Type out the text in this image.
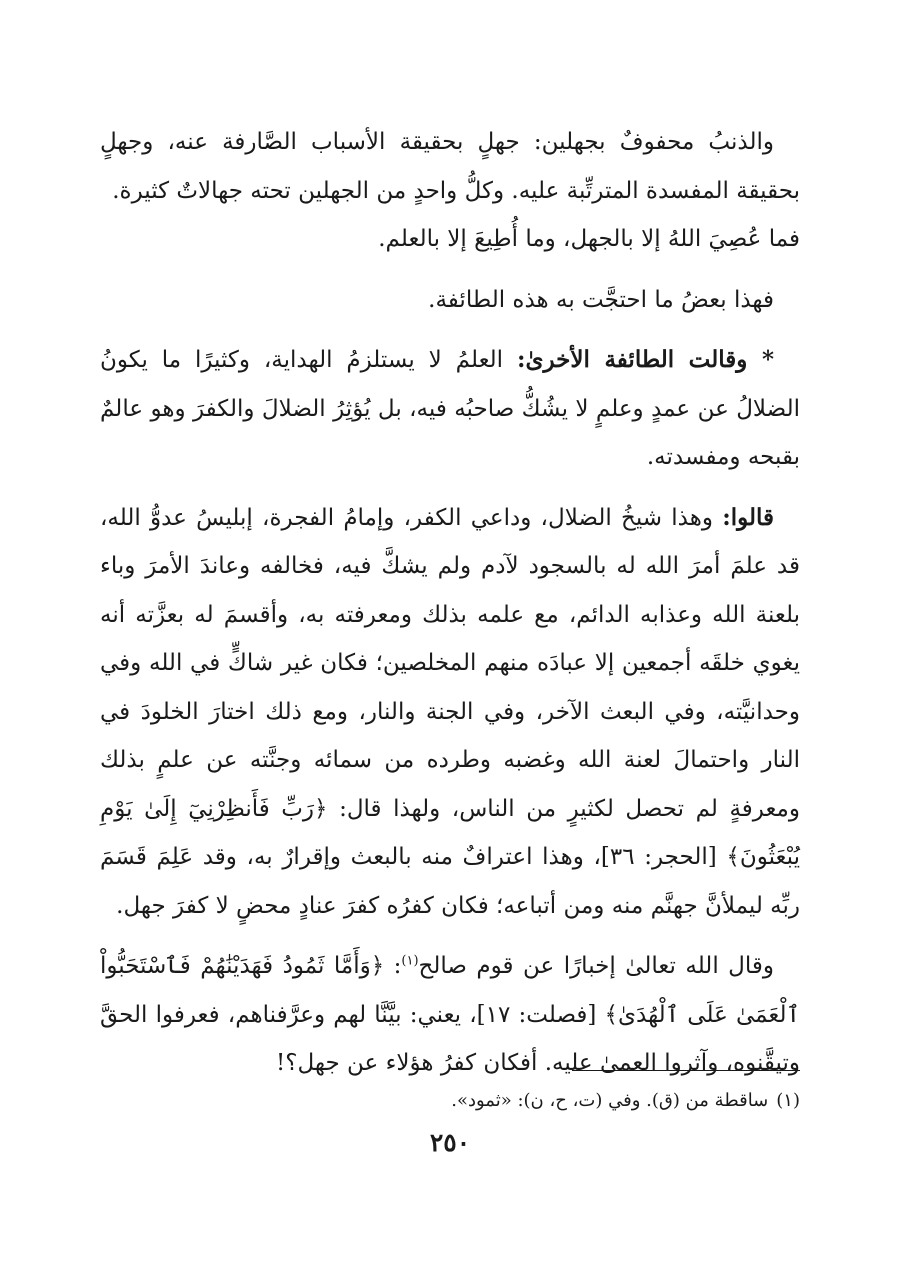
والذنبُ محفوفٌ بجهلين: جهلٍ بحقيقة الأسباب الصَّارفة عنه، وجهلٍ بحقيقة المفسدة المترتِّبة عليه. وكلُّ واحدٍ من الجهلين تحته جهالاتٌ كثيرة.

فما عُصِيَ اللهُ إلا بالجهل، وما أُطِيعَ إلا بالعلم.

فهذا بعضُ ما احتجَّت به هذه الطائفة.

* وقالت الطائفة الأخرىٰ: العلمُ لا يستلزمُ الهداية، وكثيرًا ما يكونُ الضلالُ عن عمدٍ وعلمٍ لا يشُكُّ صاحبُه فيه، بل يُؤثِرُ الضلالَ والكفرَ وهو عالمٌ بقبحه ومفسدته.

قالوا: وهذا شيخُ الضلال، وداعي الكفر، وإمامُ الفجرة، إبليسُ عدوُّ الله، قد علمَ أمرَ الله له بالسجود لآدم ولم يشكَّ فيه، فخالفه وعاندَ الأمرَ وباء بلعنة الله وعذابه الدائم، مع علمه بذلك ومعرفته به، وأقسمَ له بعزَّته أنه يغوي خلقَه أجمعين إلا عبادَه منهم المخلصين؛ فكان غير شاكٍّ في الله وفي وحدانيَّته، وفي البعث الآخر، وفي الجنة والنار، ومع ذلك اختارَ الخلودَ في النار واحتمالَ لعنة الله وغضبه وطرده من سمائه وجنَّته عن علمٍ بذلك ومعرفةٍ لم تحصل لكثيرٍ من الناس، ولهذا قال: ﴿رَبِّ فَأَنظِرْنِيٓ إِلَىٰ يَوْمِ يُبْعَثُونَ﴾ [الحجر: ٣٦]، وهذا اعترافٌ منه بالبعث وإقرارٌ به، وقد عَلِمَ قَسَمَ ربِّه ليملأنَّ جهنَّم منه ومن أتباعه؛ فكان كفرُه كفرَ عنادٍ محضٍ لا كفرَ جهل.

وقال الله تعالىٰ إخبارًا عن قوم صالح$^{(١)}$: ﴿وَأَمَّا ثَمُودُ فَهَدَيْنَٰهُمْ فَٱسْتَحَبُّواْ ٱلْعَمَىٰ عَلَى ٱلْهُدَىٰ﴾ [فصلت: ١٧]، يعني: بيَّنَّا لهم وعرَّفناهم، فعرفوا الحقَّ وتيقَّنوه، وآثروا العمىٰ عليه. أفكان كفرُ هؤلاء عن جهل؟!

(١)ساقطة من (ق). وفي (ت، ح، ن): «ثمود».

٢٥٠
